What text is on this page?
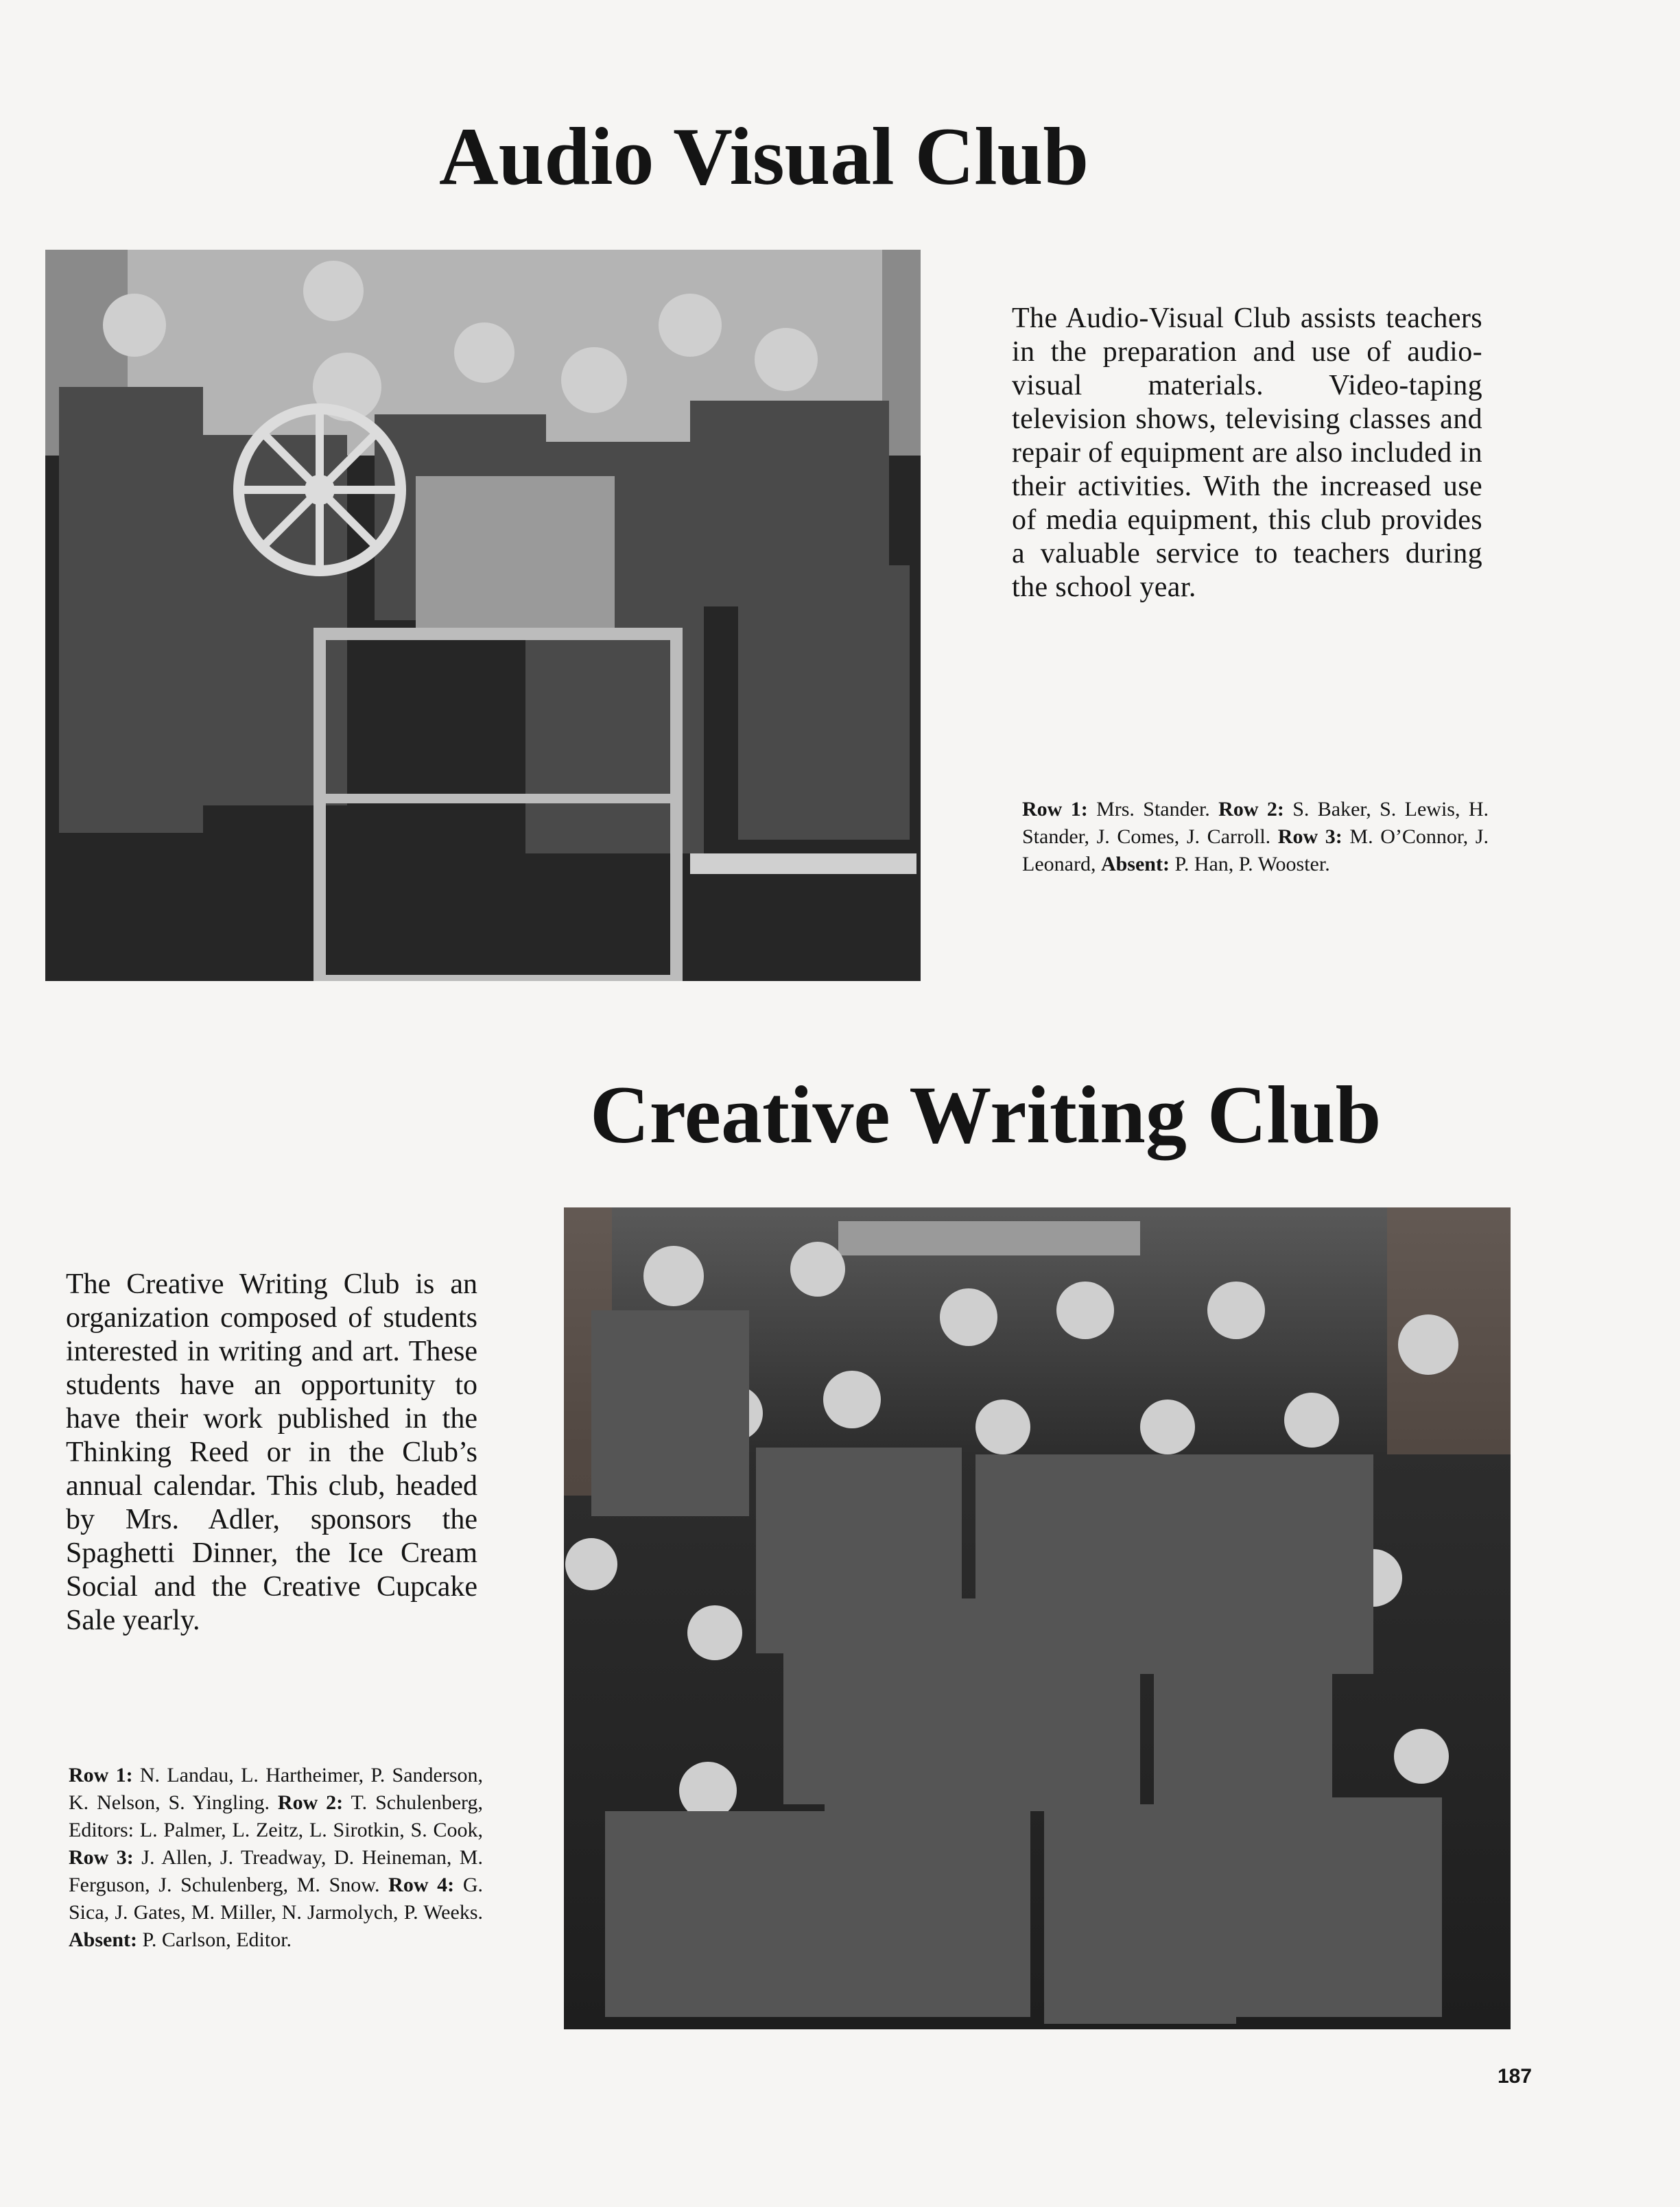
Audio Visual Club
The Audio-Visual Club assists teachers in the preparation and use of audio-visual materials. Video-taping television shows, televising classes and repair of equipment are also included in their activities. With the increased use of media equipment, this club provides a valuable service to teachers during the school year.
Row 1: Mrs. Stander. Row 2: S. Baker, S. Lewis, H. Stander, J. Comes, J. Carroll. Row 3: M. O’Connor, J. Leonard, Absent: P. Han, P. Wooster.
Creative Writing Club
The Creative Writing Club is an organization composed of students interested in writing and art. These students have an opportunity to have their work published in the Thinking Reed or in the Club’s annual calendar. This club, headed by Mrs. Adler, sponsors the Spaghetti Dinner, the Ice Cream Social and the Creative Cupcake Sale yearly.
Row 1: N. Landau, L. Hartheimer, P. Sanderson, K. Nelson, S. Yingling. Row 2: T. Schulenberg, Editors: L. Palmer, L. Zeitz, L. Sirotkin, S. Cook, Row 3: J. Allen, J. Treadway, D. Heineman, M. Ferguson, J. Schulenberg, M. Snow. Row 4: G. Sica, J. Gates, M. Miller, N. Jarmolych, P. Weeks. Absent: P. Carlson, Editor.
187
